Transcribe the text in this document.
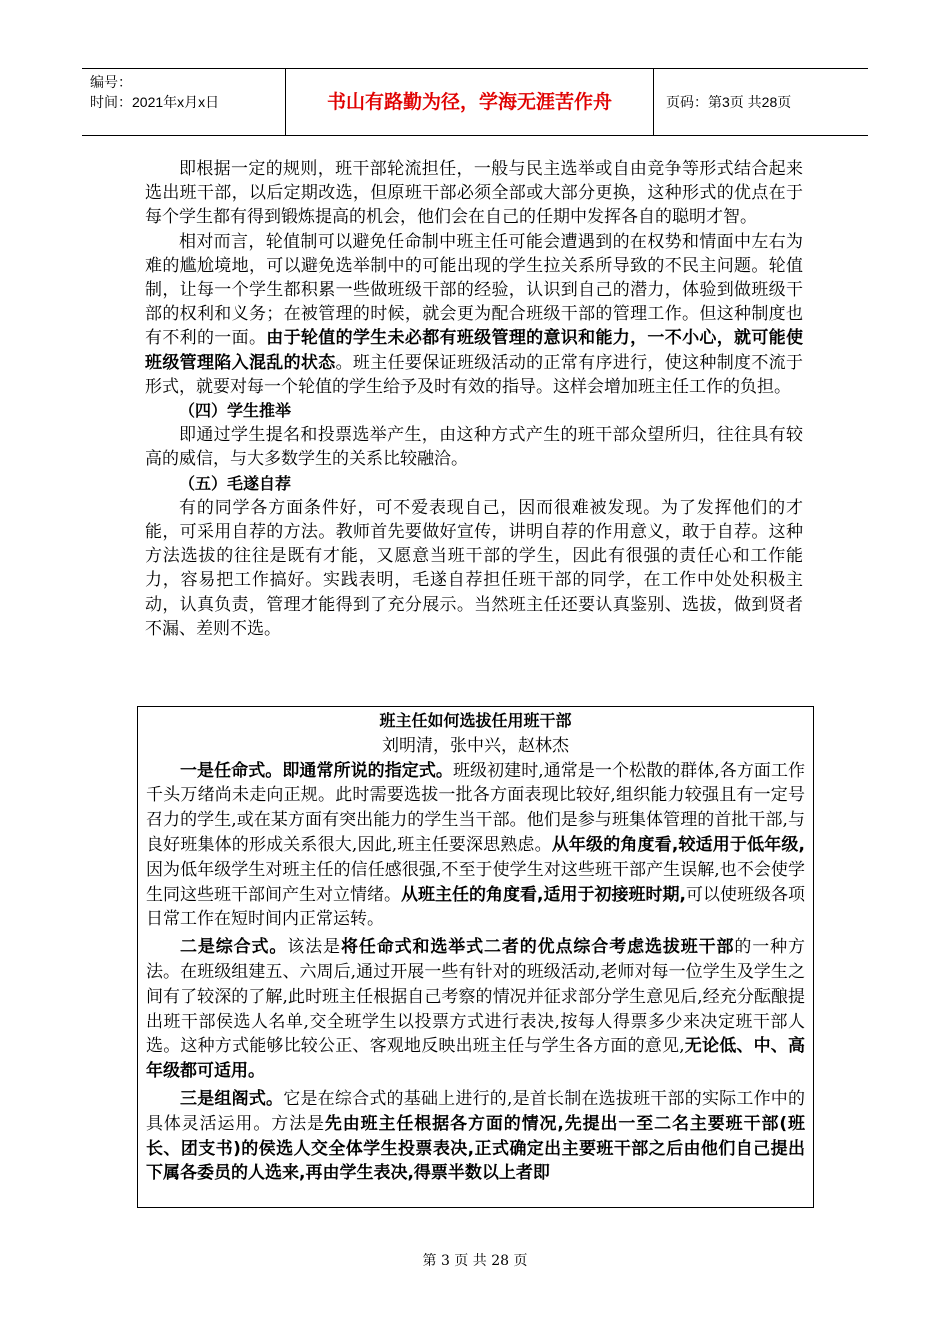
编号：
时间：2021年x月x日	书山有路勤为径，学海无涯苦作舟	页码：第3页 共28页

即根据一定的规则，班干部轮流担任，一般与民主选举或自由竞争等形式结合起来选出班干部，以后定期改选，但原班干部必须全部或大部分更换，这种形式的优点在于每个学生都有得到锻炼提高的机会，他们会在自己的任期中发挥各自的聪明才智。

相对而言，轮值制可以避免任命制中班主任可能会遭遇到的在权势和情面中左右为难的尴尬境地，可以避免选举制中的可能出现的学生拉关系所导致的不民主问题。轮值制，让每一个学生都积累一些做班级干部的经验，认识到自己的潜力，体验到做班级干部的权利和义务；在被管理的时候，就会更为配合班级干部的管理工作。但这种制度也有不利的一面。由于轮值的学生未必都有班级管理的意识和能力，一不小心，就可能使班级管理陷入混乱的状态。班主任要保证班级活动的正常有序进行，使这种制度不流于形式，就要对每一个轮值的学生给予及时有效的指导。这样会增加班主任工作的负担。

（四）学生推举

即通过学生提名和投票选举产生，由这种方式产生的班干部众望所归，往往具有较高的威信，与大多数学生的关系比较融洽。

（五）毛遂自荐

有的同学各方面条件好，可不爱表现自己，因而很难被发现。为了发挥他们的才能，可采用自荐的方法。教师首先要做好宣传，讲明自荐的作用意义，敢于自荐。这种方法选拔的往往是既有才能，又愿意当班干部的学生，因此有很强的责任心和工作能力，容易把工作搞好。实践表明，毛遂自荐担任班干部的同学，在工作中处处积极主动，认真负责，管理才能得到了充分展示。当然班主任还要认真鉴别、选拔，做到贤者不漏、差则不选。

班主任如何选拔任用班干部
刘明清，张中兴，赵林杰

一是任命式。即通常所说的指定式。班级初建时,通常是一个松散的群体,各方面工作千头万绪尚未走向正规。此时需要选拔一批各方面表现比较好,组织能力较强且有一定号召力的学生,或在某方面有突出能力的学生当干部。他们是参与班集体管理的首批干部,与良好班集体的形成关系很大,因此,班主任要深思熟虑。从年级的角度看,较适用于低年级,因为低年级学生对班主任的信任感很强,不至于使学生对这些班干部产生误解,也不会使学生同这些班干部间产生对立情绪。从班主任的角度看,适用于初接班时期,可以使班级各项日常工作在短时间内正常运转。

二是综合式。该法是将任命式和选举式二者的优点综合考虑选拔班干部的一种方法。在班级组建五、六周后,通过开展一些有针对的班级活动,老师对每一位学生及学生之间有了较深的了解,此时班主任根据自己考察的情况并征求部分学生意见后,经充分酝酿提出班干部侯选人名单,交全班学生以投票方式进行表决,按每人得票多少来决定班干部人选。这种方式能够比较公正、客观地反映出班主任与学生各方面的意见,无论低、中、高年级都可适用。

三是组阁式。它是在综合式的基础上进行的,是首长制在选拔班干部的实际工作中的具体灵活运用。方法是先由班主任根据各方面的情况,先提出一至二名主要班干部(班长、团支书)的侯选人交全体学生投票表决,正式确定出主要班干部之后由他们自己提出下属各委员的人选来,再由学生表决,得票半数以上者即

第 3 页 共 28 页
